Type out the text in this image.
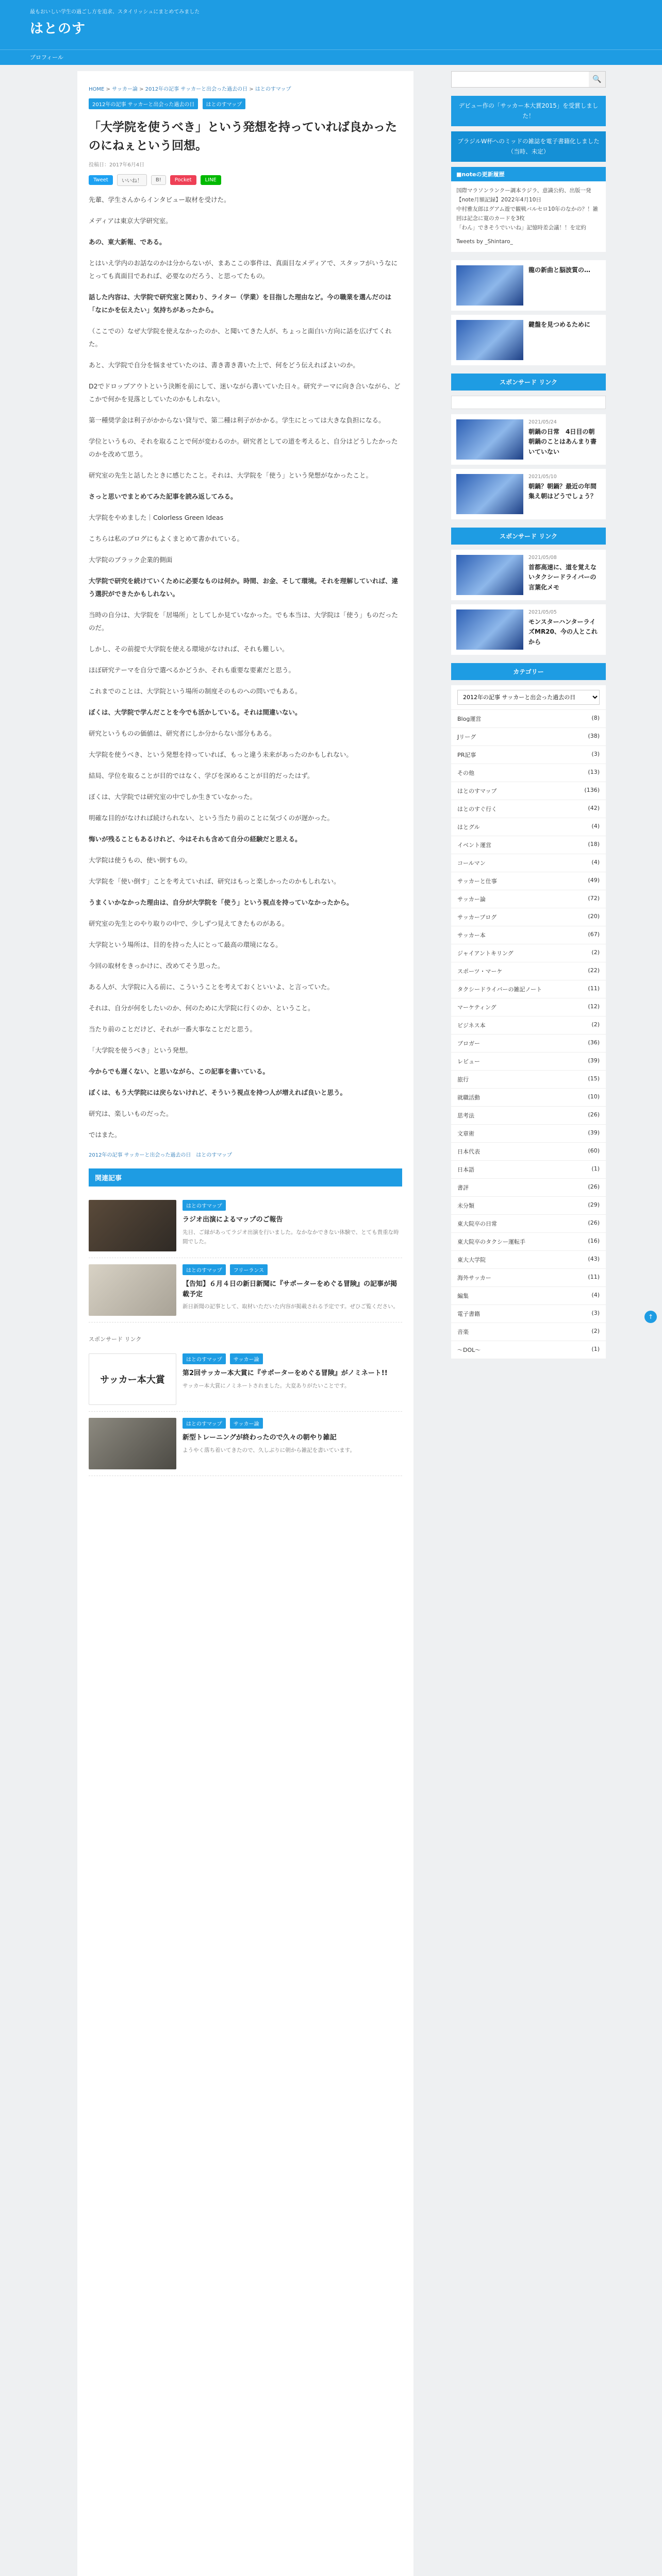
最もおいしい学生の過ごし方を追求、スタイリッシュにまとめてみました
はとのす
プロフィール
HOME > サッカー論 > 2012年の記事 サッカーと出会った過去の日 > はとのすマップ
2012年の記事 サッカーと出会った過去の日 はとのすマップ
「大学院を使うべき」という発想を持っていれば良かったのにねぇという回想。
投稿日：2017年6月4日
Tweet	いいね！	B!	Pocket	LINE

先輩、学生さんからインタビュー取材を受けた。

メディアは東京大学研究室。

あの、東大新報、である。

とはいえ学内のお話なのかは分からないが、まあここの事件は、真面目なメディアで、スタッフがいうなにとっても真面目であれば、必要なのだろう、と思ってたもの。

話した内容は、大学院で研究室と関わり、ライター（学業）を目指した理由など。今の職業を選んだのは「なにかを伝えたい」気持ちがあったから。

（ここでの）なぜ大学院を使えなかったのか、と聞いてきた人が、ちょっと面白い方向に話を広げてくれた。

あと、大学院で自分を悩ませていたのは、書き書き書いた上で、何をどう伝えればよいのか。

D2でドロップアウトという決断を前にして、迷いながら書いていた日々。研究テーマに向き合いながら、どこかで何かを見落としていたのかもしれない。

第一種奨学金は利子がかからない貸与で、第二種は利子がかかる。学生にとっては大きな負担になる。

学位というもの、それを取ることで何が変わるのか。研究者としての道を考えると、自分はどうしたかったのかを改めて思う。

研究室の先生と話したときに感じたこと。それは、大学院を「使う」という発想がなかったこと。

さっと思いでまとめてみた記事を読み返してみる。

大学院をやめました｜Colorless Green Ideas

こちらは私のブログにもよくまとめて書かれている。

大学院のブラック企業的側面

大学院で研究を続けていくために必要なものは何か。時間、お金、そして環境。それを理解していれば、違う選択ができたかもしれない。

当時の自分は、大学院を「居場所」としてしか見ていなかった。でも本当は、大学院は「使う」ものだったのだ。

しかし、その前提で大学院を使える環境がなければ、それも難しい。

ほぼ研究テーマを自分で選べるかどうか、それも重要な要素だと思う。

これまでのことは、大学院という場所の制度そのものへの問いでもある。

ぼくは、大学院で学んだことを今でも活かしている。それは間違いない。

研究というものの価値は、研究者にしか分からない部分もある。

大学院を使うべき、という発想を持っていれば、もっと違う未来があったのかもしれない。

結局、学位を取ることが目的ではなく、学びを深めることが目的だったはず。

ぼくは、大学院では研究室の中でしか生きていなかった。

明確な目的がなければ続けられない、という当たり前のことに気づくのが遅かった。

悔いが残ることもあるけれど、今はそれも含めて自分の経験だと思える。

大学院は使うもの、使い倒すもの。

大学院を「使い倒す」ことを考えていれば、研究はもっと楽しかったのかもしれない。

うまくいかなかった理由は、自分が大学院を「使う」という視点を持っていなかったから。

研究室の先生とのやり取りの中で、少しずつ見えてきたものがある。

大学院という場所は、目的を持った人にとって最高の環境になる。

今回の取材をきっかけに、改めてそう思った。

ある人が、大学院に入る前に、こういうことを考えておくといいよ、と言っていた。

それは、自分が何をしたいのか、何のために大学院に行くのか、ということ。

当たり前のことだけど、それが一番大事なことだと思う。

「大学院を使うべき」という発想。

今からでも遅くない、と思いながら、この記事を書いている。

ぼくは、もう大学院には戻らないけれど、そういう視点を持つ人が増えれば良いと思う。

研究は、楽しいものだった。

ではまた。

2012年の記事 サッカーと出会った過去の日　はとのすマップ
関連記事
はとのすマップ
ラジオ出演によるマップのご報告
先日、ご縁があってラジオ出演を行いました。なかなかできない体験で、とても貴重な時間でした。
はとのすマップ フリーランス
【告知】６月４日の新日新聞に『サポーターをめぐる冒険』の記事が掲載予定
新日新聞の記事として、取材いただいた内容が掲載される予定です。ぜひご覧ください。
スポンサード リンク
サッカー本大賞
はとのすマップ サッカー論
第2回サッカー本大賞に『サポーターをめぐる冒険』がノミネート!!
サッカー本大賞にノミネートされました。大変ありがたいことです。
はとのすマップ サッカー論
新型トレーニングが終わったので久々の朝やり雑記
ようやく落ち着いてきたので、久しぶりに朝から雑記を書いています。
🔍
デビュー作の「サッカー本大賞2015」を受賞しました！
ブラジルW杯へのミッドの雑誌を電子書籍化しました（当時、未定）
■noteの更新履歴
国際マラソンランクー調本ラジラ、意識公約、出版一発【note月額記録】2022年4月10日
中村雅友郎はグアム遊で観戦バルセロ10年のなかの？！雑回は記念に寛のカードを3枚
「わん」できそうでいいね」記憶時差会議！！を定約
Tweets by _Shintaro_
龍の新曲と脳波質の…
鍵盤を見つめるために
スポンサード リンク
2021/05/24
朝鍋の日常　4日目の朝　朝鍋のことはあんまり書いていない
2021/05/10
朝鍋？朝鍋？最近の年間集え朝はどうでしょう？
スポンサード リンク
2021/05/08
首都高速に、道を覚えないタクシードライバーの言葉化メモ
2021/05/05
モンスターハンターライズMR20、今の人とこれから
カテゴリー
2012年の記事 サッカーと出会った過去の日
Blog運営	(8)
Jリーグ	(38)
PR記事	(3)
その他	(13)
はとのすマップ	(136)
はとのすぐ行く	(42)
はとグル	(4)
イベント運営	(18)
コールマン	(4)
サッカーと仕事	(49)
サッカー論	(72)
サッカーブログ	(20)
サッカー本	(67)
ジャイアントキリング	(2)
スポーツ・マーケ	(22)
タクシードライバーの雑記ノート	(11)
マーケティング	(12)
ビジネス本	(2)
ブロガー	(36)
レビュー	(39)
旅行	(15)
就職活動	(10)
思考法	(26)
文章術	(39)
日本代表	(60)
日本語	(1)
書評	(26)
未分類	(29)
東大院卒の日常	(26)
東大院卒のタクシー運転手	(16)
東大大学院	(43)
海外サッカー	(11)
編集	(4)
電子書籍	(3)
音楽	(2)
～DOL～	(1)
↑
